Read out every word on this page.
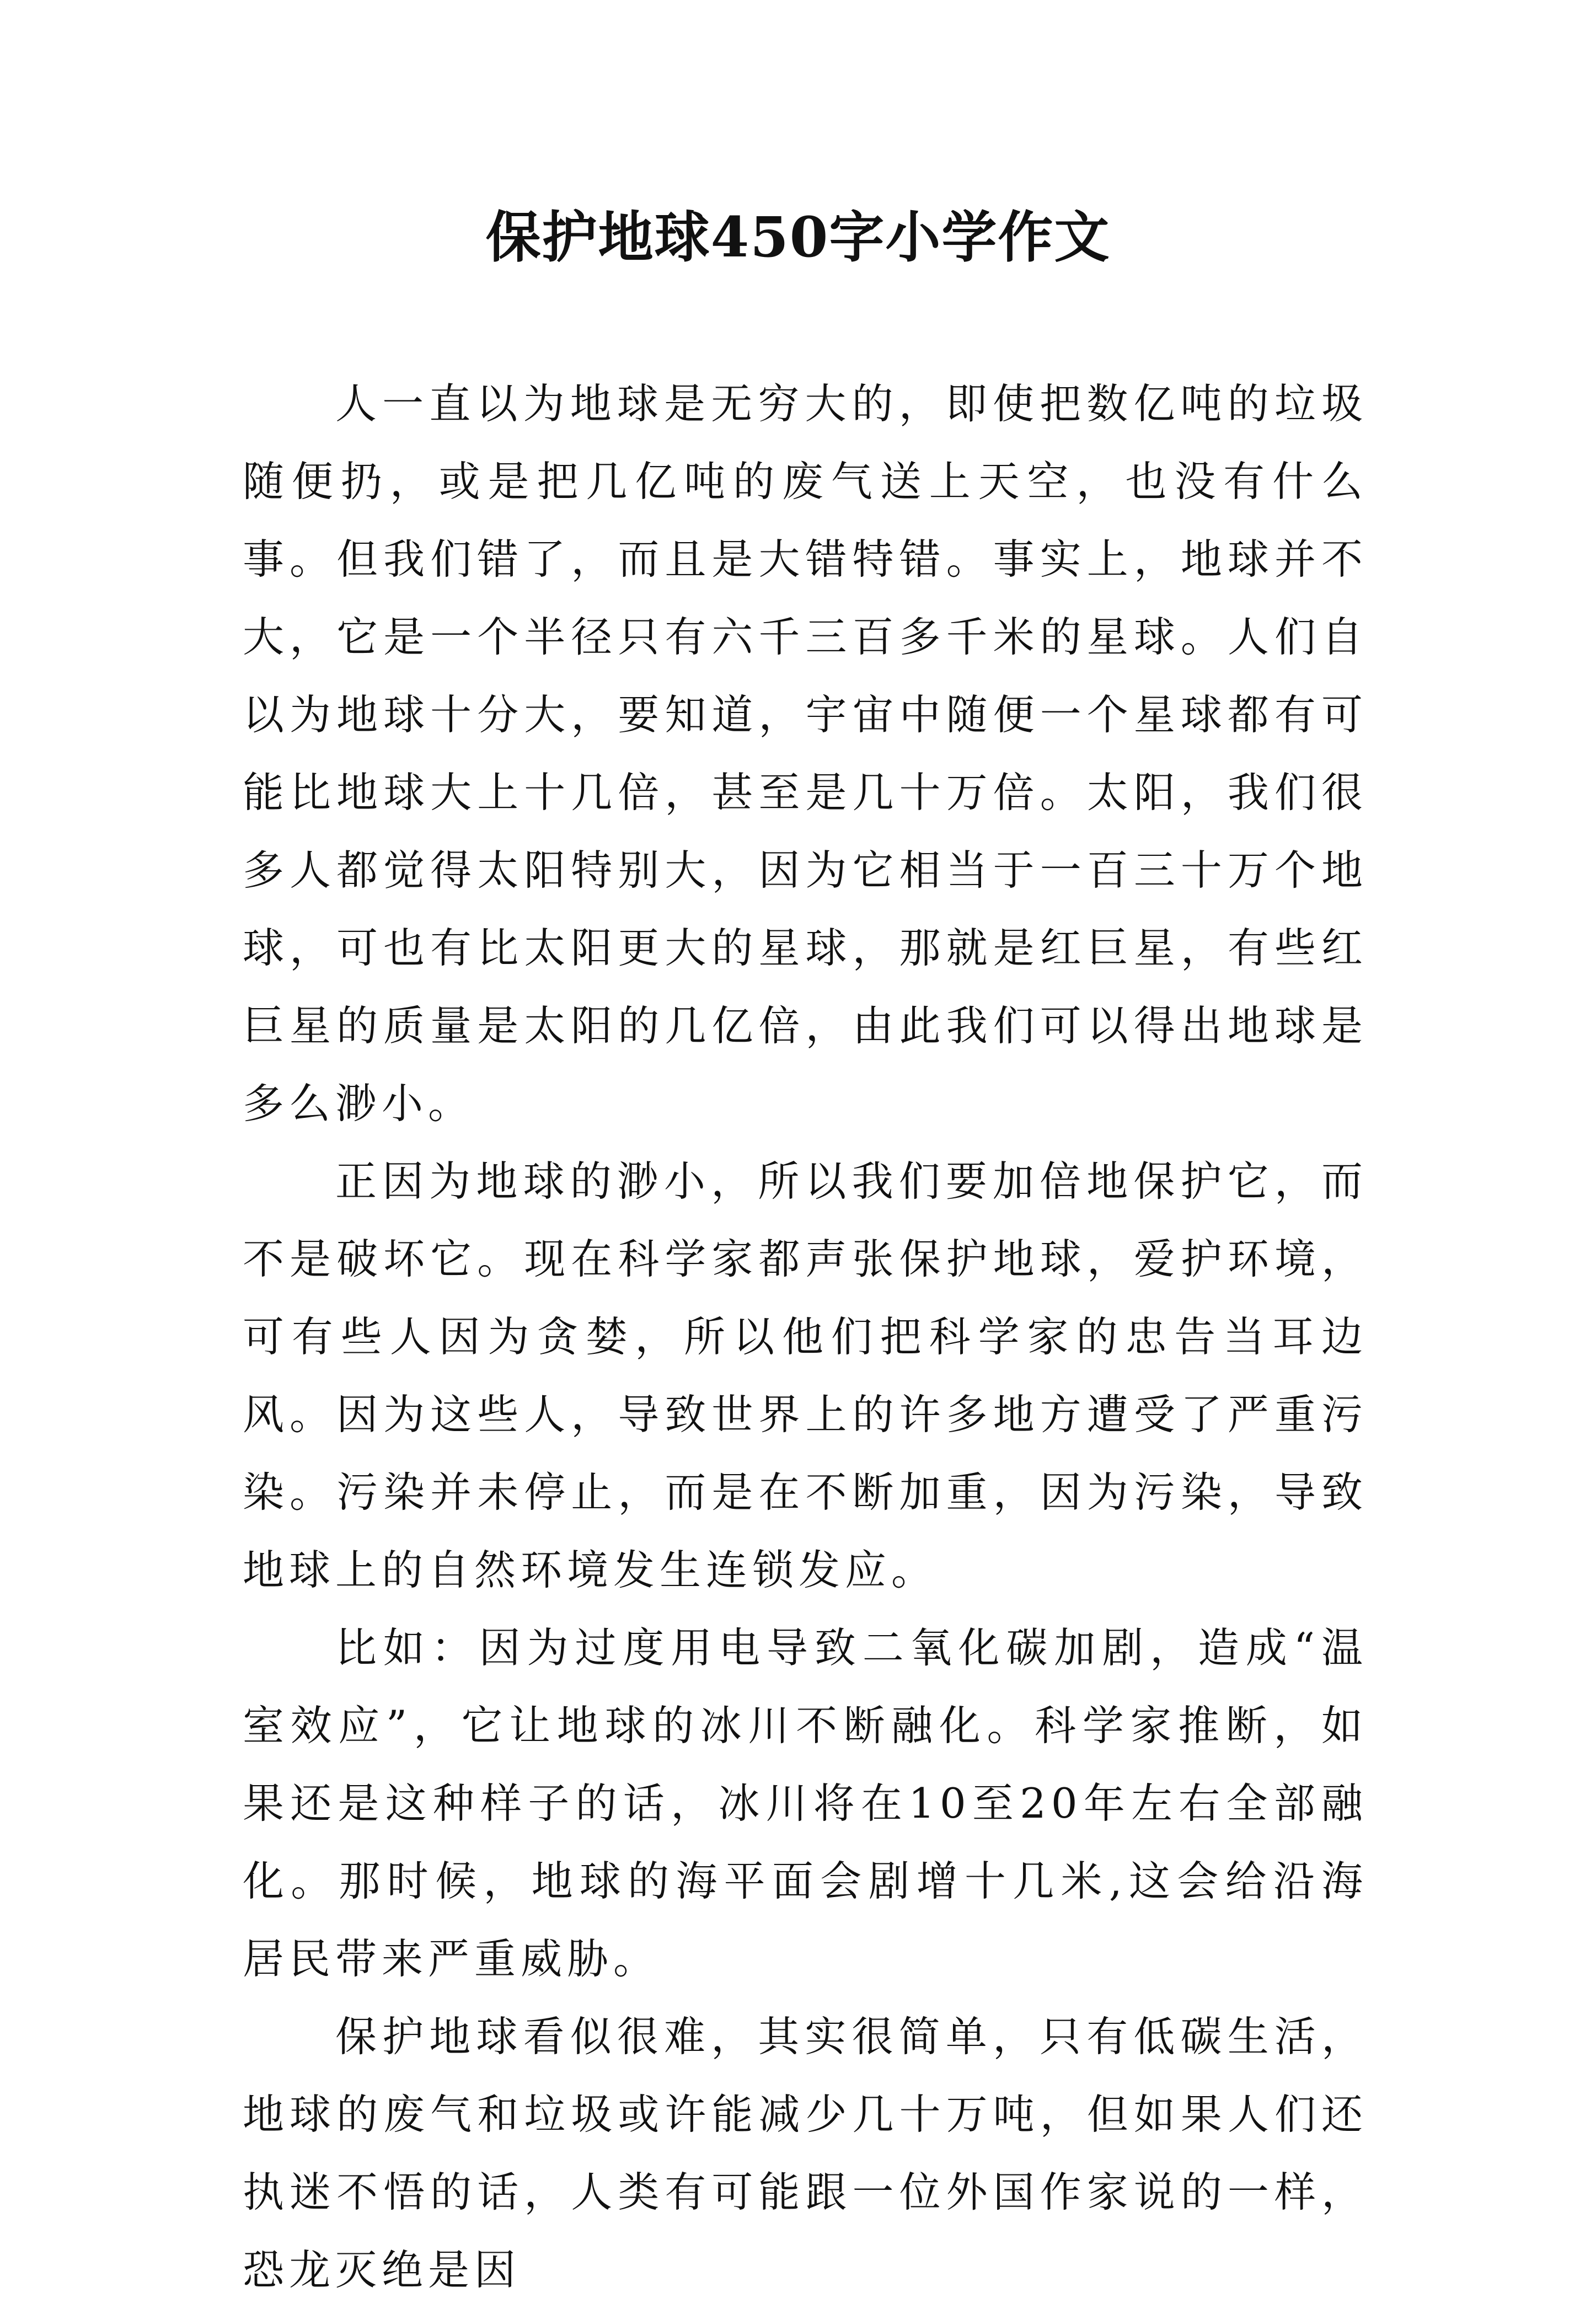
保护地球450字小学作文

人一直以为地球是无穷大的，即使把数亿吨的垃圾随便扔，或是把几亿吨的废气送上天空，也没有什么事。但我们错了，而且是大错特错。事实上，地球并不大，它是一个半径只有六千三百多千米的星球。人们自以为地球十分大，要知道，宇宙中随便一个星球都有可能比地球大上十几倍，甚至是几十万倍。太阳，我们很多人都觉得太阳特别大，因为它相当于一百三十万个地球，可也有比太阳更大的星球，那就是红巨星，有些红巨星的质量是太阳的几亿倍，由此我们可以得出地球是多么渺小。

正因为地球的渺小，所以我们要加倍地保护它，而不是破坏它。现在科学家都声张保护地球，爱护环境，可有些人因为贪婪，所以他们把科学家的忠告当耳边风。因为这些人，导致世界上的许多地方遭受了严重污染。污染并未停止，而是在不断加重，因为污染，导致地球上的自然环境发生连锁发应。

比如：因为过度用电导致二氧化碳加剧，造成“温室效应”，它让地球的冰川不断融化。科学家推断，如果还是这种样子的话，冰川将在10至20年左右全部融化。那时候，地球的海平面会剧增十几米,这会给沿海居民带来严重威胁。

保护地球看似很难，其实很简单，只有低碳生活，地球的废气和垃圾或许能减少几十万吨，但如果人们还执迷不悟的话，人类有可能跟一位外国作家说的一样，恐龙灭绝是因
